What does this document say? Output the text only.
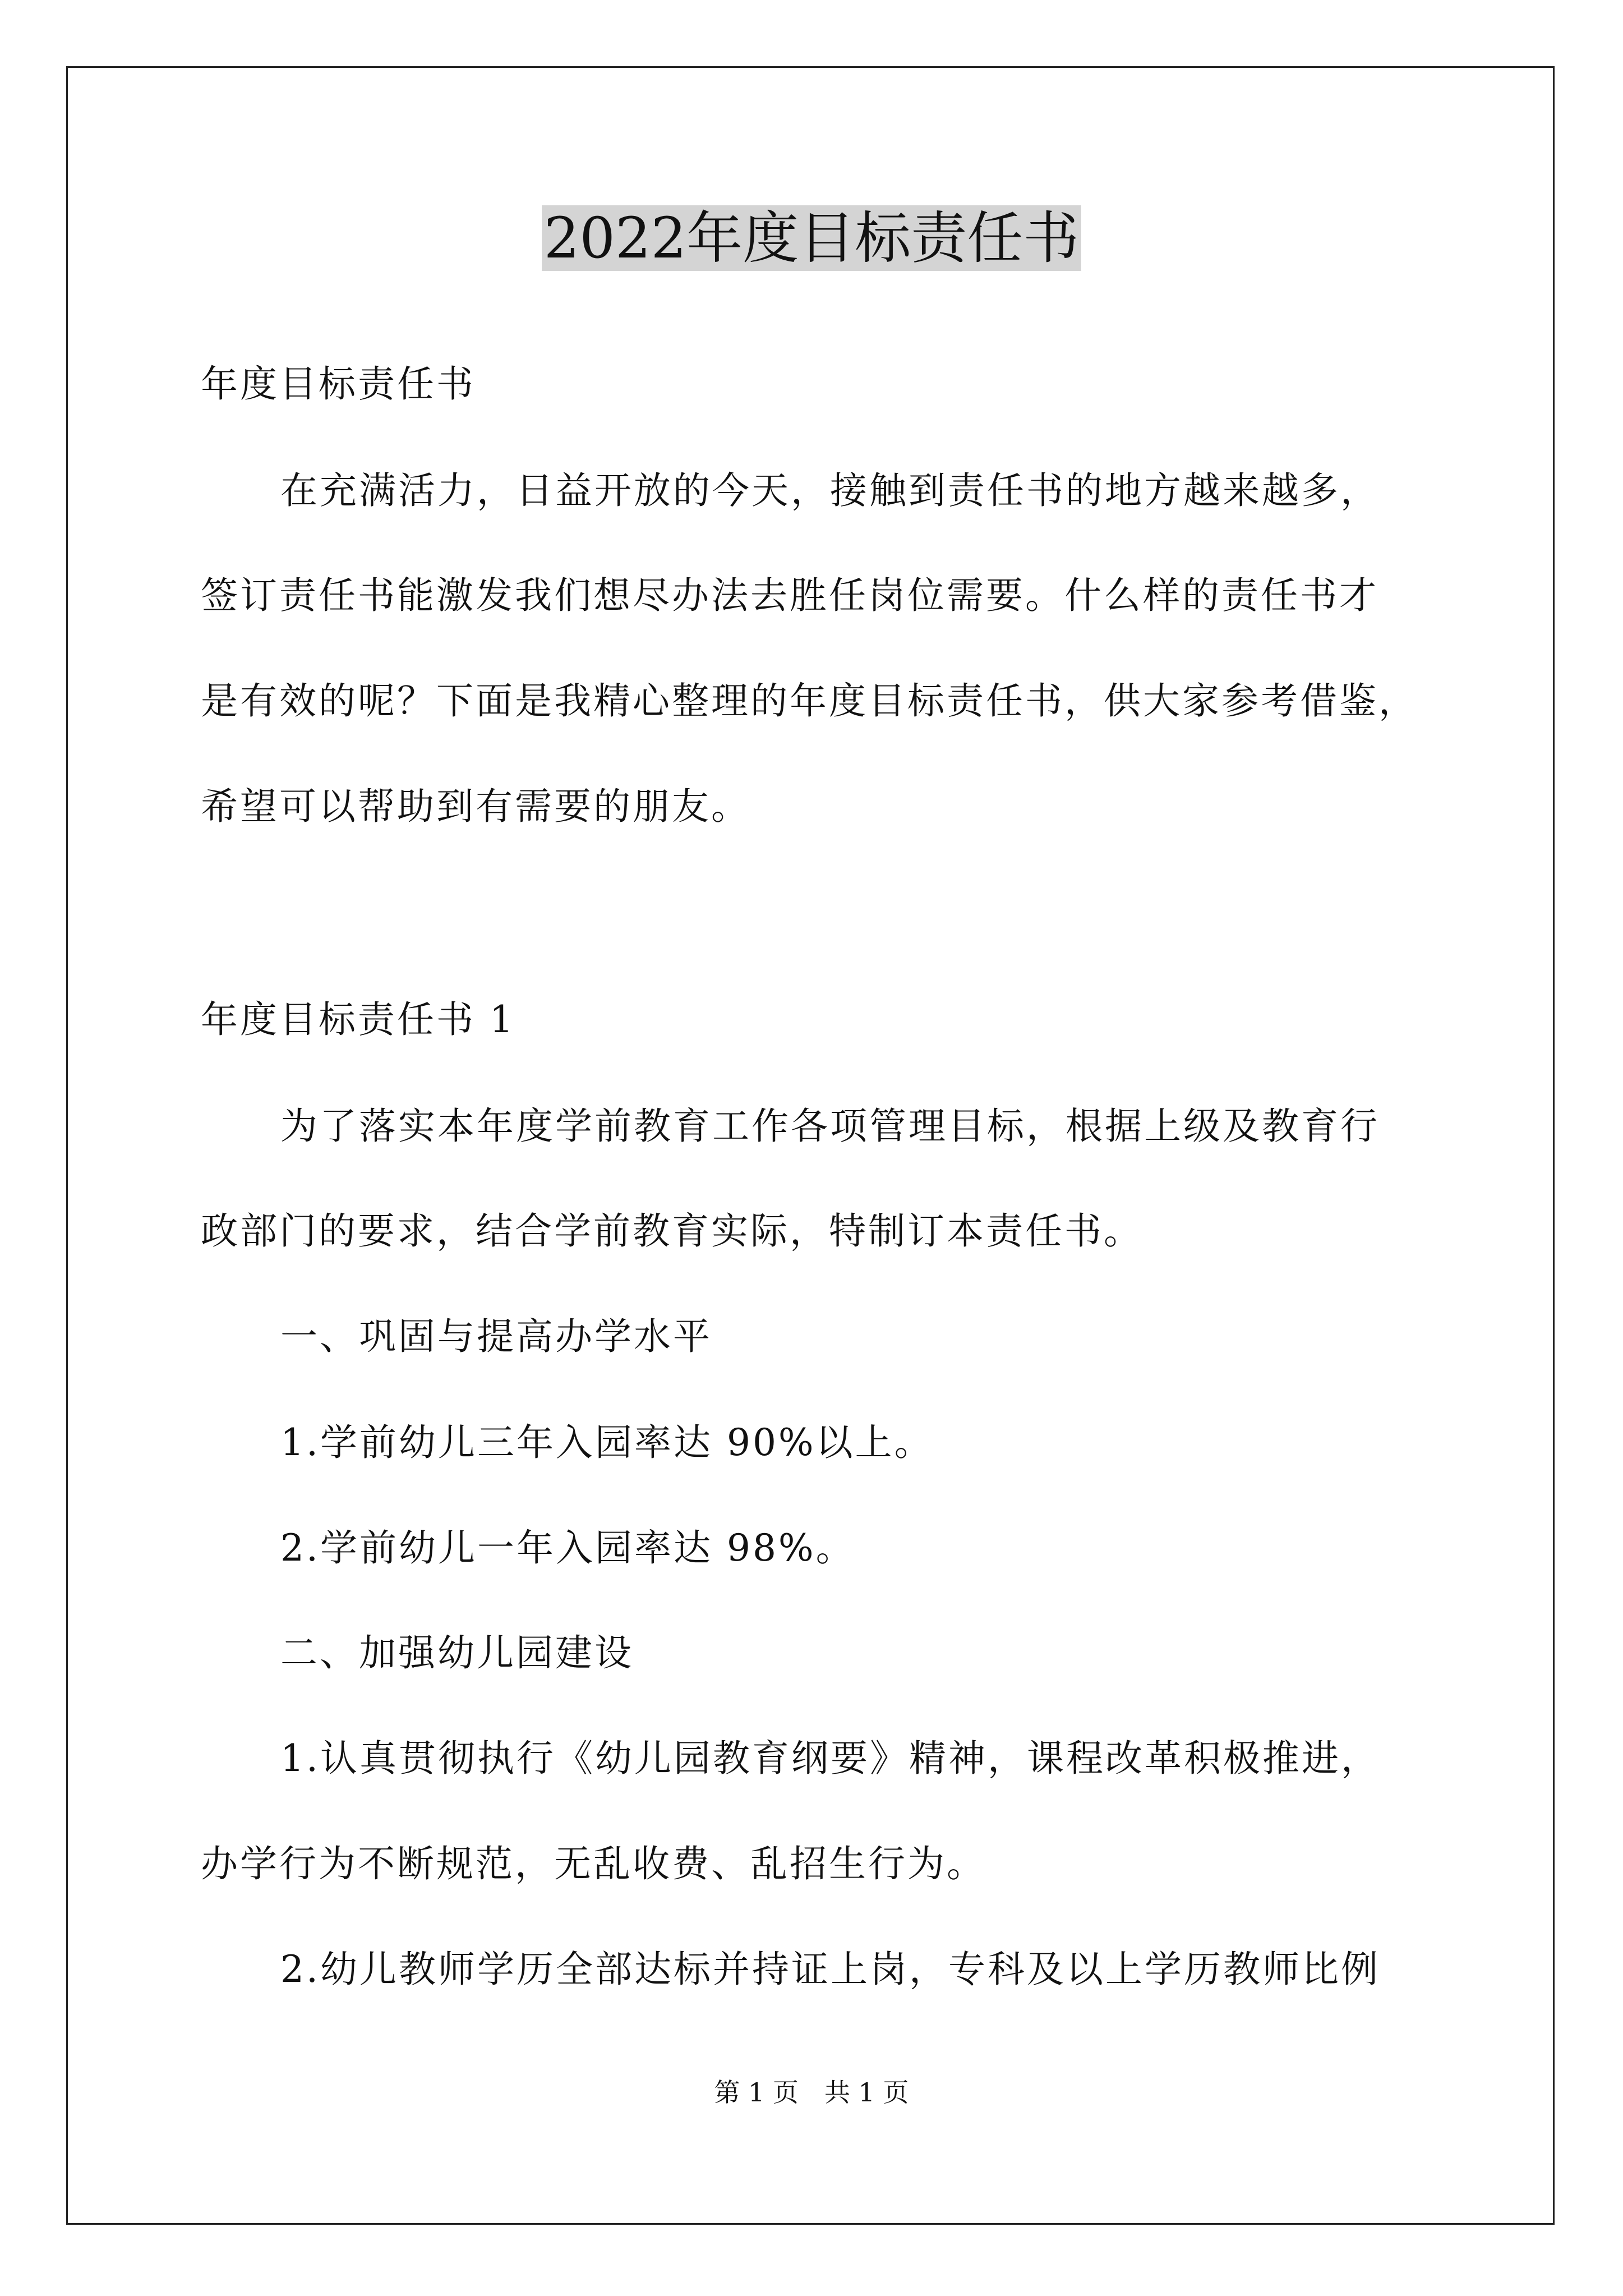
2022年度目标责任书
年度目标责任书
在充满活力，日益开放的今天，接触到责任书的地方越来越多，
签订责任书能激发我们想尽办法去胜任岗位需要。什么样的责任书才
是有效的呢？下面是我精心整理的年度目标责任书，供大家参考借鉴，
希望可以帮助到有需要的朋友。
年度目标责任书 1
为了落实本年度学前教育工作各项管理目标，根据上级及教育行
政部门的要求，结合学前教育实际，特制订本责任书。
一、巩固与提高办学水平
1.学前幼儿三年入园率达 90%以上。
2.学前幼儿一年入园率达 98%。
二、加强幼儿园建设
1.认真贯彻执行《幼儿园教育纲要》精神，课程改革积极推进，
办学行为不断规范，无乱收费、乱招生行为。
2.幼儿教师学历全部达标并持证上岗，专科及以上学历教师比例
第 1 页　共 1 页
